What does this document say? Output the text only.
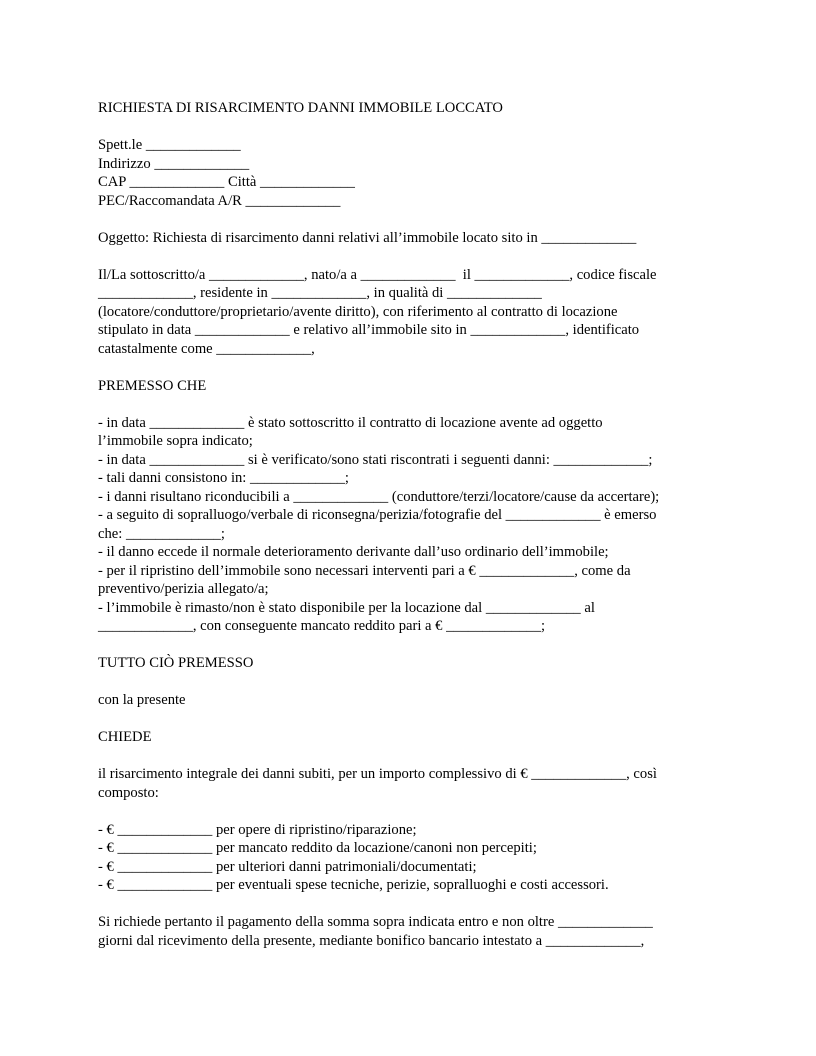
RICHIESTA DI RISARCIMENTO DANNI IMMOBILE LOCCATO

Spett.le _____________

Indirizzo _____________

CAP _____________ Città _____________

PEC/Raccomandata A/R _____________

Oggetto: Richiesta di risarcimento danni relativi all’immobile locato sito in _____________

Il/La sottoscritto/a _____________, nato/a a _____________  il _____________, codice fiscale

_____________, residente in _____________, in qualità di _____________

(locatore/conduttore/proprietario/avente diritto), con riferimento al contratto di locazione

stipulato in data _____________ e relativo all’immobile sito in _____________, identificato

catastalmente come _____________,

PREMESSO CHE

- in data _____________ è stato sottoscritto il contratto di locazione avente ad oggetto

l’immobile sopra indicato;

- in data _____________ si è verificato/sono stati riscontrati i seguenti danni: _____________;

- tali danni consistono in: _____________;

- i danni risultano riconducibili a _____________ (conduttore/terzi/locatore/cause da accertare);

- a seguito di sopralluogo/verbale di riconsegna/perizia/fotografie del _____________ è emerso

che: _____________;

- il danno eccede il normale deterioramento derivante dall’uso ordinario dell’immobile;

- per il ripristino dell’immobile sono necessari interventi pari a € _____________, come da

preventivo/perizia allegato/a;

- l’immobile è rimasto/non è stato disponibile per la locazione dal _____________ al

_____________, con conseguente mancato reddito pari a € _____________;

TUTTO CIÒ PREMESSO

con la presente

CHIEDE

il risarcimento integrale dei danni subiti, per un importo complessivo di € _____________, così

composto:

- € _____________ per opere di ripristino/riparazione;

- € _____________ per mancato reddito da locazione/canoni non percepiti;

- € _____________ per ulteriori danni patrimoniali/documentati;

- € _____________ per eventuali spese tecniche, perizie, sopralluoghi e costi accessori.

Si richiede pertanto il pagamento della somma sopra indicata entro e non oltre _____________

giorni dal ricevimento della presente, mediante bonifico bancario intestato a _____________,
